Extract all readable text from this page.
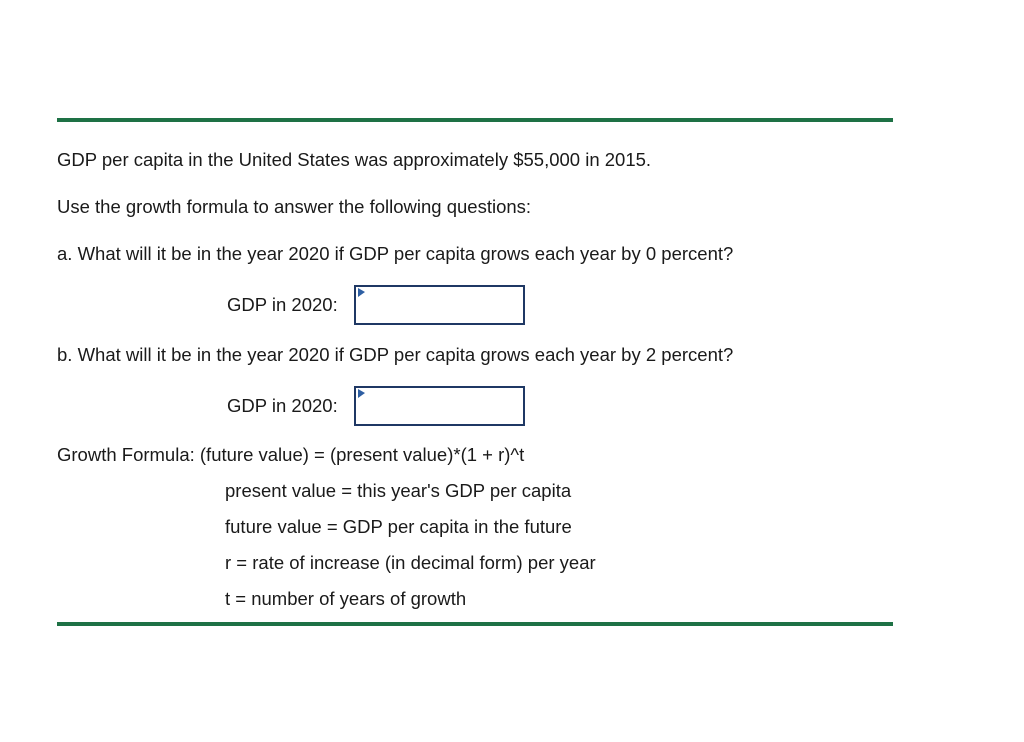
GDP per capita in the United States was approximately $55,000 in 2015.

Use the growth formula to answer the following questions:

a. What will it be in the year 2020 if GDP per capita grows each year by 0 percent?

GDP in 2020:

b. What will it be in the year 2020 if GDP per capita grows each year by 2 percent?

GDP in 2020:

Growth Formula: (future value) = (present value)*(1 + r)^t

present value = this year's GDP per capita
future value = GDP per capita in the future
r = rate of increase (in decimal form) per year
t = number of years of growth
